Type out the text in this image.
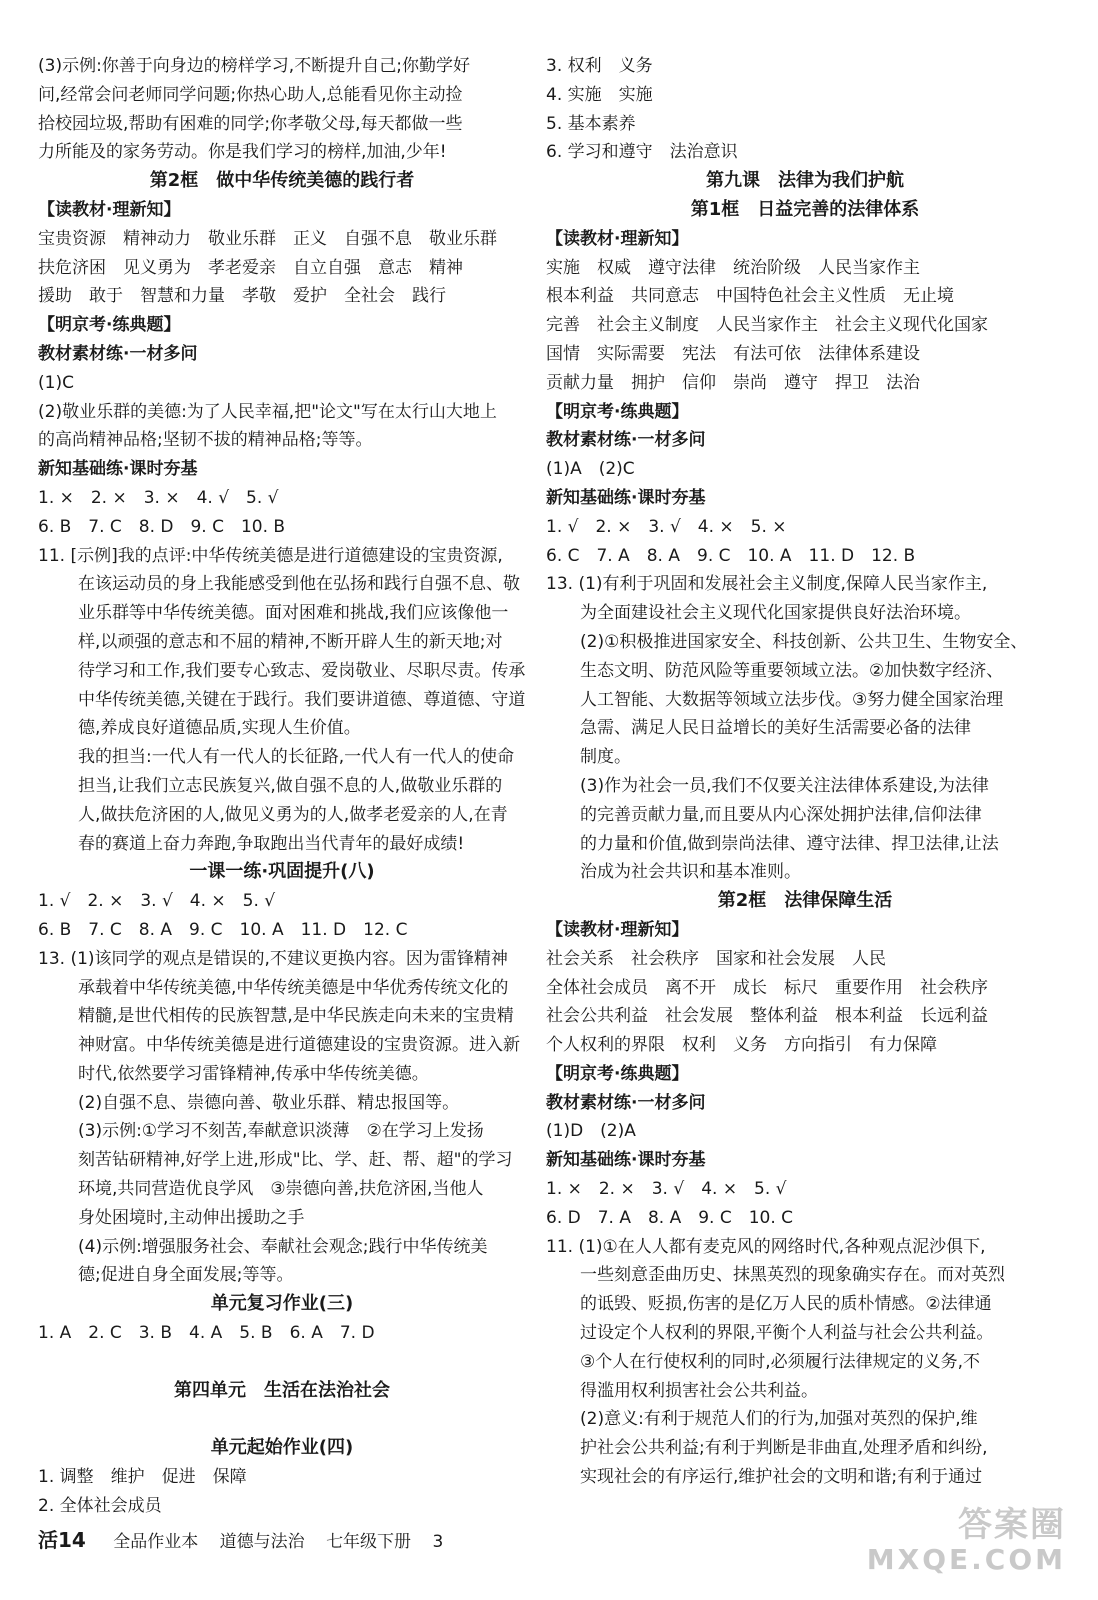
(3)示例:你善于向身边的榜样学习,不断提升自己;你勤学好
问,经常会问老师同学问题;你热心助人,总能看见你主动捡
拾校园垃圾,帮助有困难的同学;你孝敬父母,每天都做一些
力所能及的家务劳动。你是我们学习的榜样,加油,少年!
第2框　做中华传统美德的践行者
【读教材·理新知】
宝贵资源　精神动力　敬业乐群　正义　自强不息　敬业乐群
扶危济困　见义勇为　孝老爱亲　自立自强　意志　精神
援助　敢于　智慧和力量　孝敬　爱护　全社会　践行
【明京考·练典题】
教材素材练·一材多问
(1)C
(2)敬业乐群的美德:为了人民幸福,把"论文"写在太行山大地上
的高尚精神品格;坚韧不拔的精神品格;等等。
新知基础练·课时夯基
1. ×　2. ×　3. ×　4. √　5. √
6. B　7. C　8. D　9. C　10. B
11. [示例]我的点评:中华传统美德是进行道德建设的宝贵资源,
在该运动员的身上我能感受到他在弘扬和践行自强不息、敬
业乐群等中华传统美德。面对困难和挑战,我们应该像他一
样,以顽强的意志和不屈的精神,不断开辟人生的新天地;对
待学习和工作,我们要专心致志、爱岗敬业、尽职尽责。传承
中华传统美德,关键在于践行。我们要讲道德、尊道德、守道
德,养成良好道德品质,实现人生价值。
我的担当:一代人有一代人的长征路,一代人有一代人的使命
担当,让我们立志民族复兴,做自强不息的人,做敬业乐群的
人,做扶危济困的人,做见义勇为的人,做孝老爱亲的人,在青
春的赛道上奋力奔跑,争取跑出当代青年的最好成绩!
一课一练·巩固提升(八)
1. √　2. ×　3. √　4. ×　5. √
6. B　7. C　8. A　9. C　10. A　11. D　12. C
13. (1)该同学的观点是错误的,不建议更换内容。因为雷锋精神
承载着中华传统美德,中华传统美德是中华优秀传统文化的
精髓,是世代相传的民族智慧,是中华民族走向未来的宝贵精
神财富。中华传统美德是进行道德建设的宝贵资源。进入新
时代,依然要学习雷锋精神,传承中华传统美德。
(2)自强不息、崇德向善、敬业乐群、精忠报国等。
(3)示例:①学习不刻苦,奉献意识淡薄　②在学习上发扬
刻苦钻研精神,好学上进,形成"比、学、赶、帮、超"的学习
环境,共同营造优良学风　③崇德向善,扶危济困,当他人
身处困境时,主动伸出援助之手
(4)示例:增强服务社会、奉献社会观念;践行中华传统美
德;促进自身全面发展;等等。
单元复习作业(三)
1. A　2. C　3. B　4. A　5. B　6. A　7. D
第四单元　生活在法治社会
单元起始作业(四)
1. 调整　维护　促进　保障
2. 全体社会成员
3. 权利　义务
4. 实施　实施
5. 基本素养
6. 学习和遵守　法治意识
第九课　法律为我们护航
第1框　日益完善的法律体系
【读教材·理新知】
实施　权威　遵守法律　统治阶级　人民当家作主
根本利益　共同意志　中国特色社会主义性质　无止境
完善　社会主义制度　人民当家作主　社会主义现代化国家
国情　实际需要　宪法　有法可依　法律体系建设
贡献力量　拥护　信仰　崇尚　遵守　捍卫　法治
【明京考·练典题】
教材素材练·一材多问
(1)A　(2)C
新知基础练·课时夯基
1. √　2. ×　3. √　4. ×　5. ×
6. C　7. A　8. A　9. C　10. A　11. D　12. B
13. (1)有利于巩固和发展社会主义制度,保障人民当家作主,
为全面建设社会主义现代化国家提供良好法治环境。
(2)①积极推进国家安全、科技创新、公共卫生、生物安全、
生态文明、防范风险等重要领域立法。②加快数字经济、
人工智能、大数据等领域立法步伐。③努力健全国家治理
急需、满足人民日益增长的美好生活需要必备的法律
制度。
(3)作为社会一员,我们不仅要关注法律体系建设,为法律
的完善贡献力量,而且要从内心深处拥护法律,信仰法律
的力量和价值,做到崇尚法律、遵守法律、捍卫法律,让法
治成为社会共识和基本准则。
第2框　法律保障生活
【读教材·理新知】
社会关系　社会秩序　国家和社会发展　人民
全体社会成员　离不开　成长　标尺　重要作用　社会秩序
社会公共利益　社会发展　整体利益　根本利益　长远利益
个人权利的界限　权利　义务　方向指引　有力保障
【明京考·练典题】
教材素材练·一材多问
(1)D　(2)A
新知基础练·课时夯基
1. ×　2. ×　3. √　4. ×　5. √
6. D　7. A　8. A　9. C　10. C
11. (1)①在人人都有麦克风的网络时代,各种观点泥沙俱下,
一些刻意歪曲历史、抹黑英烈的现象确实存在。而对英烈
的诋毁、贬损,伤害的是亿万人民的质朴情感。②法律通
过设定个人权利的界限,平衡个人利益与社会公共利益。
③个人在行使权利的同时,必须履行法律规定的义务,不
得滥用权利损害社会公共利益。
(2)意义:有利于规范人们的行为,加强对英烈的保护,维
护社会公共利益;有利于判断是非曲直,处理矛盾和纠纷,
实现社会的有序运行,维护社会的文明和谐;有利于通过
活14 全品作业本 道德与法治 七年级下册 3	答案圈
MXQE.COM
